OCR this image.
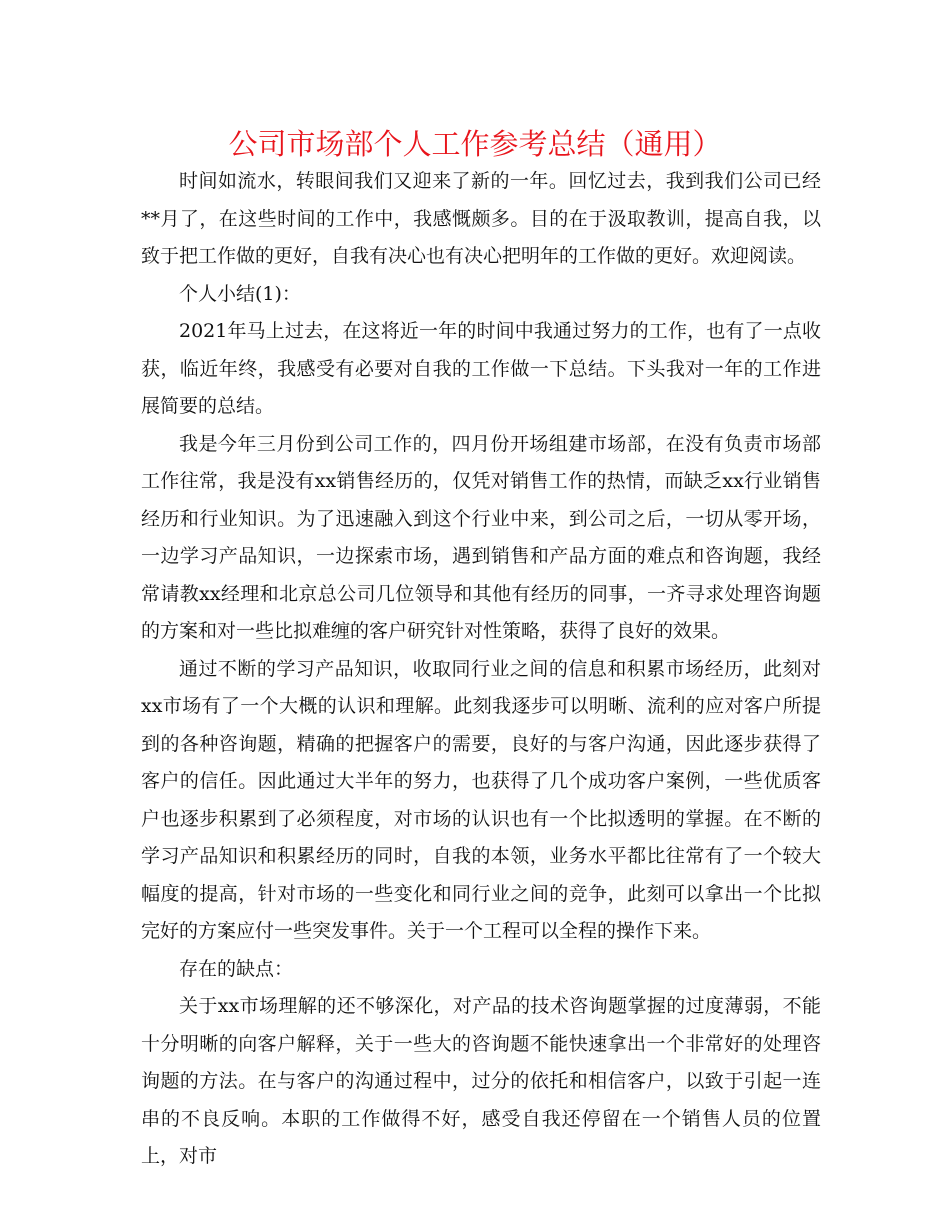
公司市场部个人工作参考总结（通用）

时间如流水，转眼间我们又迎来了新的一年。回忆过去，我到我们公司已经**月了，在这些时间的工作中，我感慨颇多。目的在于汲取教训，提高自我，以致于把工作做的更好，自我有决心也有决心把明年的工作做的更好。欢迎阅读。

个人小结(1)：

2021年马上过去，在这将近一年的时间中我通过努力的工作，也有了一点收获，临近年终，我感受有必要对自我的工作做一下总结。下头我对一年的工作进展简要的总结。

我是今年三月份到公司工作的，四月份开场组建市场部，在没有负责市场部工作往常，我是没有xx销售经历的，仅凭对销售工作的热情，而缺乏xx行业销售经历和行业知识。为了迅速融入到这个行业中来，到公司之后，一切从零开场，一边学习产品知识，一边探索市场，遇到销售和产品方面的难点和咨询题，我经常请教xx经理和北京总公司几位领导和其他有经历的同事，一齐寻求处理咨询题的方案和对一些比拟难缠的客户研究针对性策略，获得了良好的效果。

通过不断的学习产品知识，收取同行业之间的信息和积累市场经历，此刻对xx市场有了一个大概的认识和理解。此刻我逐步可以明晰、流利的应对客户所提到的各种咨询题，精确的把握客户的需要，良好的与客户沟通，因此逐步获得了客户的信任。因此通过大半年的努力，也获得了几个成功客户案例，一些优质客户也逐步积累到了必须程度，对市场的认识也有一个比拟透明的掌握。在不断的学习产品知识和积累经历的同时，自我的本领，业务水平都比往常有了一个较大幅度的提高，针对市场的一些变化和同行业之间的竞争，此刻可以拿出一个比拟完好的方案应付一些突发事件。关于一个工程可以全程的操作下来。

存在的缺点：

关于xx市场理解的还不够深化，对产品的技术咨询题掌握的过度薄弱，不能十分明晰的向客户解释，关于一些大的咨询题不能快速拿出一个非常好的处理咨询题的方法。在与客户的沟通过程中，过分的依托和相信客户，以致于引起一连串的不良反响。本职的工作做得不好，感受自我还停留在一个销售人员的位置上，对市
